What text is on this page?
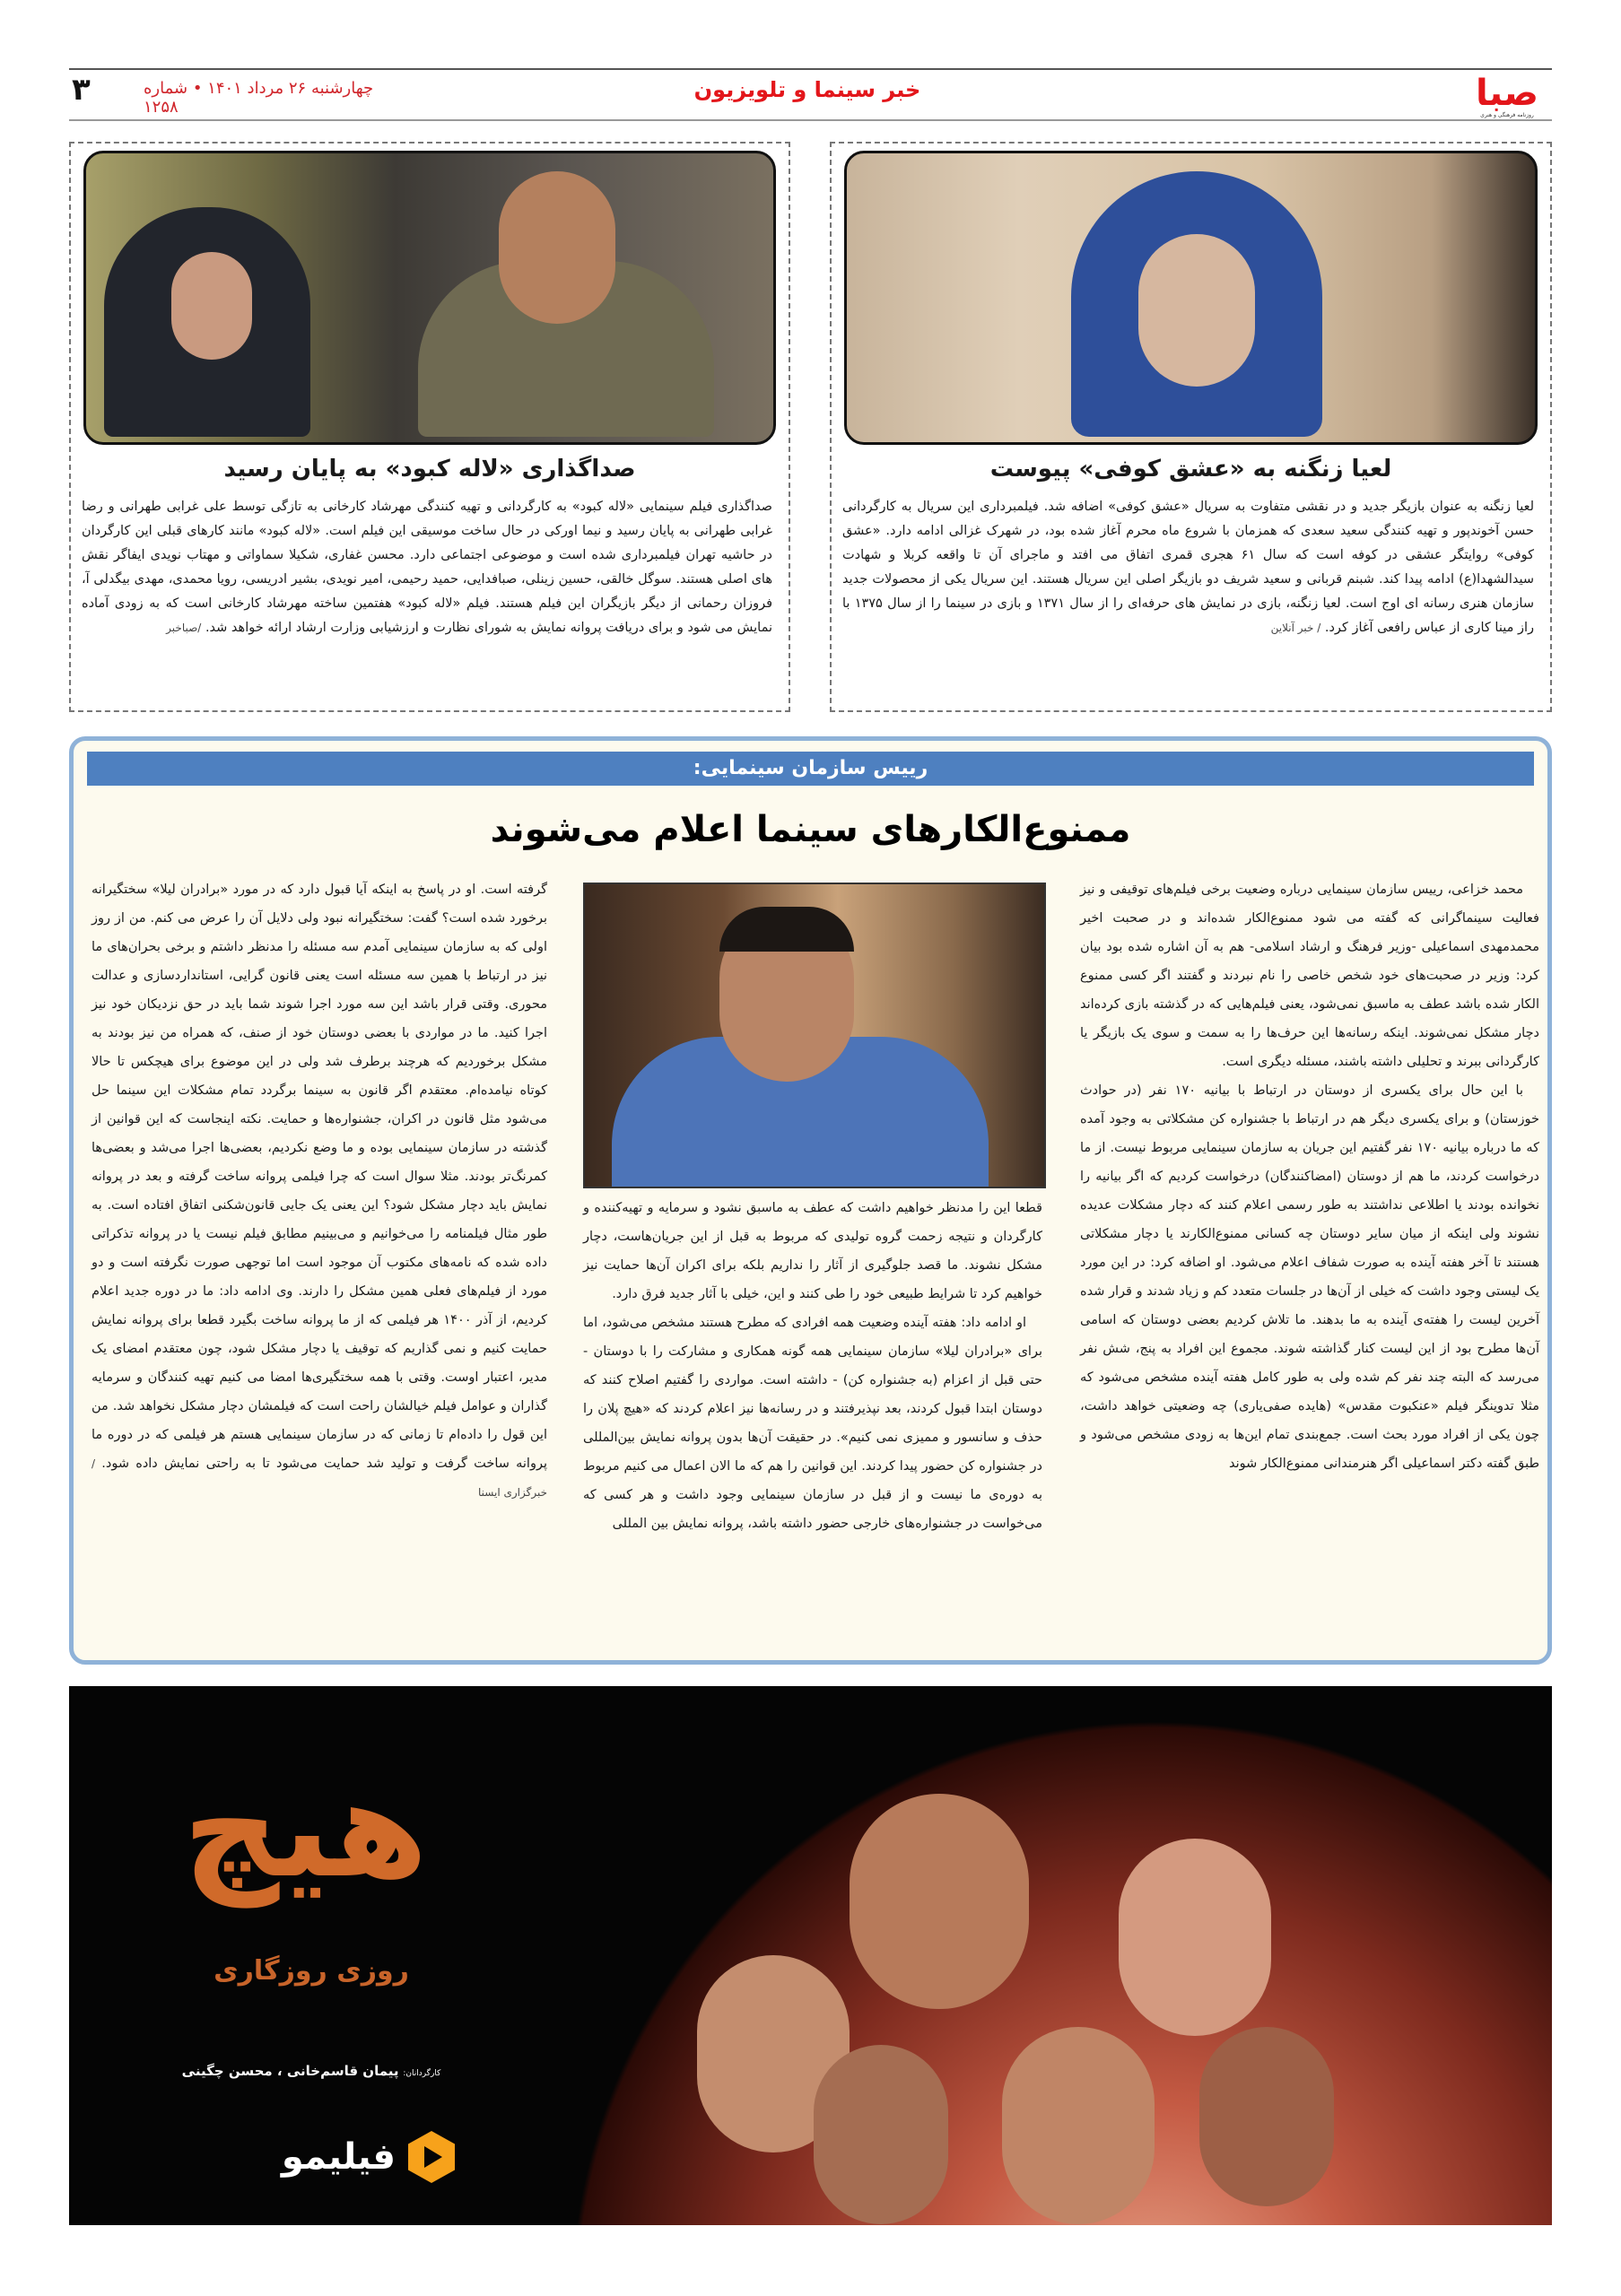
صبا
روزنامه فرهنگی و هنری
خبر سینما و تلویزیون
چهارشنبه ۲۶ مرداد ۱۴۰۱ • شماره ۱۲۵۸
۳
لعیا زنگنه به «عشق کوفی» پیوست
لعیا زنگنه به عنوان بازیگر جدید و در نقشی متفاوت به سریال «عشق کوفی» اضافه شد. فیلمبرداری این سریال به کارگردانی حسن آخوندپور و تهیه کنندگی سعید سعدی که همزمان با شروع ماه محرم آغاز شده بود، در شهرک غزالی ادامه دارد. «عشق کوفی» روایتگر عشقی در کوفه است که سال ۶۱ هجری قمری اتفاق می افتد و ماجرای آن تا واقعه کربلا و شهادت سیدالشهدا(ع) ادامه پیدا کند. شبنم قربانی و سعید شریف دو بازیگر اصلی این سریال هستند. این سریال یکی از محصولات جدید سازمان هنری رسانه ای اوج است. لعیا زنگنه، بازی در نمایش های حرفه‌ای را از سال ۱۳۷۱ و بازی در سینما را از سال ۱۳۷۵ با راز مینا کاری از عباس رافعی آغاز کرد. / خبر آنلاین
صداگذاری «لاله کبود» به پایان رسید
صداگذاری فیلم سینمایی «لاله کبود» به کارگردانی و تهیه کنندگی مهرشاد کارخانی به تازگی توسط علی غرابی طهرانی و رضا غرابی طهرانی به پایان رسید و نیما اورکی در حال ساخت موسیقی این فیلم است. «لاله کبود» مانند کارهای قبلی این کارگردان در حاشیه تهران فیلمبرداری شده است و موضوعی اجتماعی دارد. محسن غفاری، شکیلا سماواتی و مهتاب نویدی ایفاگر نقش های اصلی هستند. سوگل خالقی، حسین زینلی، صبافدایی، حمید رحیمی، امیر نویدی، بشیر ادریسی، رویا محمدی، مهدی بیگدلی آ، فروزان رحمانی از دیگر بازیگران این فیلم هستند. فیلم «لاله کبود» هفتمین ساخته مهرشاد کارخانی است که به زودی آماده نمایش می شود و برای دریافت پروانه نمایش به شورای نظارت و ارزشیابی وزارت ارشاد ارائه خواهد شد. /صباخبر
رییس سازمان سینمایی:
ممنوع‌الکارهای سینما اعلام می‌شوند

محمد خزاعی، رییس سازمان سینمایی درباره وضعیت برخی فیلم‌های توقیفی و نیز فعالیت سینماگرانی که گفته می شود ممنوع‌الکار شده‌اند و در صحبت اخیر محمدمهدی اسماعیلی -وزیر فرهنگ و ارشاد اسلامی- هم به آن اشاره شده بود بیان کرد: وزیر در صحبت‌های خود شخص خاصی را نام نبردند و گفتند اگر کسی ممنوع الکار شده باشد عطف به ماسبق نمی‌شود، یعنی فیلم‌هایی که در گذشته بازی کرده‌اند دچار مشکل نمی‌شوند. اینکه رسانه‌ها این حرف‌ها را به سمت و سوی یک بازیگر یا کارگردانی ببرند و تحلیلی داشته باشند، مسئله دیگری است.

با این حال برای یکسری از دوستان در ارتباط با بیانیه ۱۷۰ نفر (در حوادث خوزستان) و برای یکسری دیگر هم در ارتباط با جشنواره کن مشکلاتی به وجود آمده که ما درباره بیانیه ۱۷۰ نفر گفتیم این جریان به سازمان سینمایی مربوط نیست. از ما درخواست کردند، ما هم از دوستان (امضاکنندگان) درخواست کردیم که اگر بیانیه را نخوانده بودند یا اطلاعی نداشتند به طور رسمی اعلام کنند که دچار مشکلات عدیده نشوند ولی اینکه از میان سایر دوستان چه کسانی ممنوع‌الکارند یا دچار مشکلاتی هستند تا آخر هفته آینده به صورت شفاف اعلام می‌شود. او اضافه کرد: در این مورد یک لیستی وجود داشت که خیلی از آن‌ها در جلسات متعدد کم و زیاد شدند و قرار شده آخرین لیست را هفته‌ی آینده به ما بدهند. ما تلاش کردیم بعضی دوستان که اسامی آن‌ها مطرح بود از این لیست کنار گذاشته شوند. مجموع این افراد به پنج، شش نفر می‌رسد که البته چند نفر کم شده ولی به طور کامل هفته آینده مشخص می‌شود که مثلا تدوینگر فیلم «عنکبوت مقدس» (هایده صفی‌یاری) چه وضعیتی خواهد داشت، چون یکی از افراد مورد بحث است. جمع‌بندی تمام این‌ها به زودی مشخص می‌شود و طبق گفته دکتر اسماعیلی اگر هنرمندانی ممنوع‌الکار شوند

قطعا این را مدنظر خواهیم داشت که عطف به ماسبق نشود و سرمایه و تهیه‌کننده و کارگردان و نتیجه زحمت گروه تولیدی که مربوط به قبل از این جریان‌هاست، دچار مشکل نشوند. ما قصد جلوگیری از آثار را نداریم بلکه برای اکران آن‌ها حمایت نیز خواهیم کرد تا شرایط طبیعی خود را طی کنند و این، خیلی با آثار جدید فرق دارد.

او ادامه داد: هفته آینده وضعیت همه افرادی که مطرح هستند مشخص می‌شود، اما برای «برادران لیلا» سازمان سینمایی همه گونه همکاری و مشارکت را با دوستان - حتی قبل از اعزام (به جشنواره کن) - داشته است. مواردی را گفتیم اصلاح کنند که دوستان ابتدا قبول کردند، بعد نپذیرفتند و در رسانه‌ها نیز اعلام کردند که «هیچ پلان را حذف و سانسور و ممیزی نمی کنیم». در حقیقت آن‌ها بدون پروانه نمایش بین‌المللی در جشنواره کن حضور پیدا کردند. این قوانین را هم که ما الان اعمال می کنیم مربوط به دوره‌ی ما نیست و از قبل در سازمان سینمایی وجود داشت و هر کسی که می‌خواست در جشنواره‌های خارجی حضور داشته باشد، پروانه نمایش بین المللی

گرفته است. او در پاسخ به اینکه آیا قبول دارد که در مورد «برادران لیلا» سختگیرانه برخورد شده است؟ گفت: سختگیرانه نبود ولی دلایل آن را عرض می کنم. من از روز اولی که به سازمان سینمایی آمدم سه مسئله را مدنظر داشتم و برخی بحران‌های ما نیز در ارتباط با همین سه مسئله است یعنی قانون گرایی، استانداردسازی و عدالت محوری. وقتی قرار باشد این سه مورد اجرا شوند شما باید در حق نزدیکان خود نیز اجرا کنید. ما در مواردی با بعضی دوستان خود از صنف، که همراه من نیز بودند به مشکل برخوردیم که هرچند برطرف شد ولی در این موضوع برای هیچکس تا حالا کوتاه نیامده‌ام. معتقدم اگر قانون به سینما برگردد تمام مشکلات این سینما حل می‌شود مثل قانون در اکران، جشنواره‌ها و حمایت. نکته اینجاست که این قوانین از گذشته در سازمان سینمایی بوده و ما وضع نکردیم، بعضی‌ها اجرا می‌شد و بعضی‌ها کمرنگ‌تر بودند. مثلا سوال است که چرا فیلمی پروانه ساخت گرفته و بعد در پروانه نمایش باید دچار مشکل شود؟ این یعنی یک جایی قانون‌شکنی اتفاق افتاده است. به طور مثال فیلمنامه را می‌خوانیم و می‌بینیم مطابق فیلم نیست یا در پروانه تذکراتی داده شده که نامه‌های مکتوب آن موجود است اما توجهی صورت نگرفته است و دو مورد از فیلم‌های فعلی همین مشکل را دارند. وی ادامه داد: ما در دوره جدید اعلام کردیم، از آذر ۱۴۰۰ هر فیلمی که از ما پروانه ساخت بگیرد قطعا برای پروانه نمایش حمایت کنیم و نمی گذاریم که توقیف یا دچار مشکل شود، چون معتقدم امضای یک مدیر، اعتبار اوست. وقتی با همه سختگیری‌ها امضا می کنیم تهیه کنندگان و سرمایه گذاران و عوامل فیلم خیالشان راحت است که فیلمشان دچار مشکل نخواهد شد. من این قول را داده‌ام تا زمانی که در سازمان سینمایی هستم هر فیلمی که در دوره ما پروانه ساخت گرفت و تولید شد حمایت می‌شود تا به راحتی نمایش داده شود. /خبرگزاری ایسنا

هیچ
روزی روزگاری
کارگردانان: پیمان قاسم‌خانی ، محسن چگینی
فیلیمو
